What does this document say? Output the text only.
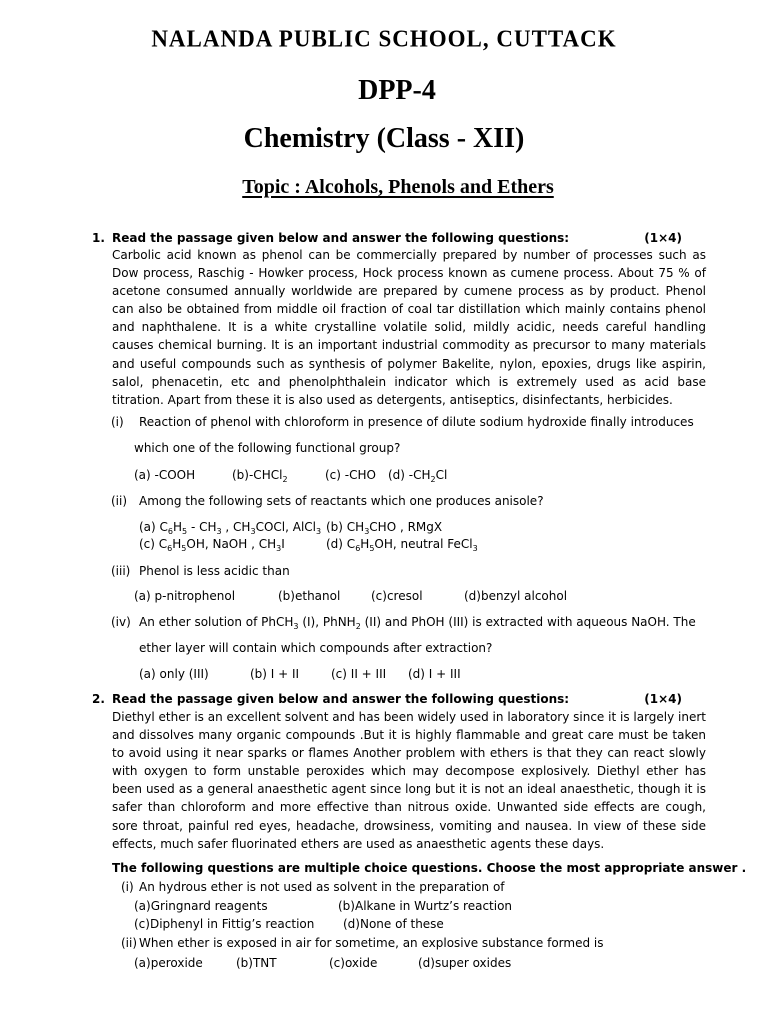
NALANDA PUBLIC SCHOOL, CUTTACK
DPP-4
Chemistry (Class - XII)
Topic : Alcohols, Phenols and Ethers
1. Read the passage given below and answer the following questions:	(1×4)
Carbolic acid known as phenol can be commercially prepared by number of processes such as Dow process, Raschig - Howker process, Hock process known as cumene process. About 75 % of acetone consumed annually worldwide are prepared by cumene process as by product. Phenol can also be obtained from middle oil fraction of coal tar distillation which mainly contains phenol and naphthalene. It is a white crystalline volatile solid, mildly acidic, needs careful handling causes chemical burning. It is an important industrial commodity as precursor to many materials and useful compounds such as synthesis of polymer Bakelite, nylon, epoxies, drugs like aspirin, salol, phenacetin, etc and phenolphthalein indicator which is extremely used as acid base titration. Apart from these it is also used as detergents, antiseptics, disinfectants, herbicides.
(i) Reaction of phenol with chloroform in presence of dilute sodium hydroxide finally introduces
which one of the following functional group?
(a) -COOH	(b)-CHCl$_2$	(c) -CHO (d) $-CH_2Cl$
(ii) Among the following sets of reactants which one produces anisole?
(a) $C_6H_5 - CH_3$ , $CH_3COCl$, AlCl$_3$ (b) $CH_3CHO$ , RMgX
(c) $C_6H_5OH$, NaOH , $CH_3I$	(d) $C_6H_5OH$, neutral FeCl$_3$
(iii) Phenol is less acidic than
(a) p-nitrophenol	(b)ethanol	(c)cresol	(d)benzyl alcohol
(iv) An ether solution of PhCH$_3$ (I), PhNH$_2$ (II) and PhOH (III) is extracted with aqueous NaOH. The
ether layer will contain which compounds after extraction?
(a) only (III)	(b) I + II	(c) II + III (d) I + III
2. Read the passage given below and answer the following questions:	(1×4)
Diethyl ether is an excellent solvent and has been widely used in laboratory since it is largely inert and dissolves many organic compounds .But it is highly flammable and great care must be taken to avoid using it near sparks or flames Another problem with ethers is that they can react slowly with oxygen to form unstable peroxides which may decompose explosively. Diethyl ether has been used as a general anaesthetic agent since long but it is not an ideal anaesthetic, though it is safer than chloroform and more effective than nitrous oxide. Unwanted side effects are cough, sore throat, painful red eyes, headache, drowsiness, vomiting and nausea. In view of these side effects, much safer fluorinated ethers are used as anaesthetic agents these days.
The following questions are multiple choice questions. Choose the most appropriate answer .
(i) An hydrous ether is not used as solvent in the preparation of
(a)Gringnard reagents	(b)Alkane in Wurtz’s reaction
(c)Diphenyl in Fittig’s reaction (d)None of these
(ii) When ether is exposed in air for sometime, an explosive substance formed is
(a)peroxide	(b)TNT	(c)oxide	(d)super oxides
